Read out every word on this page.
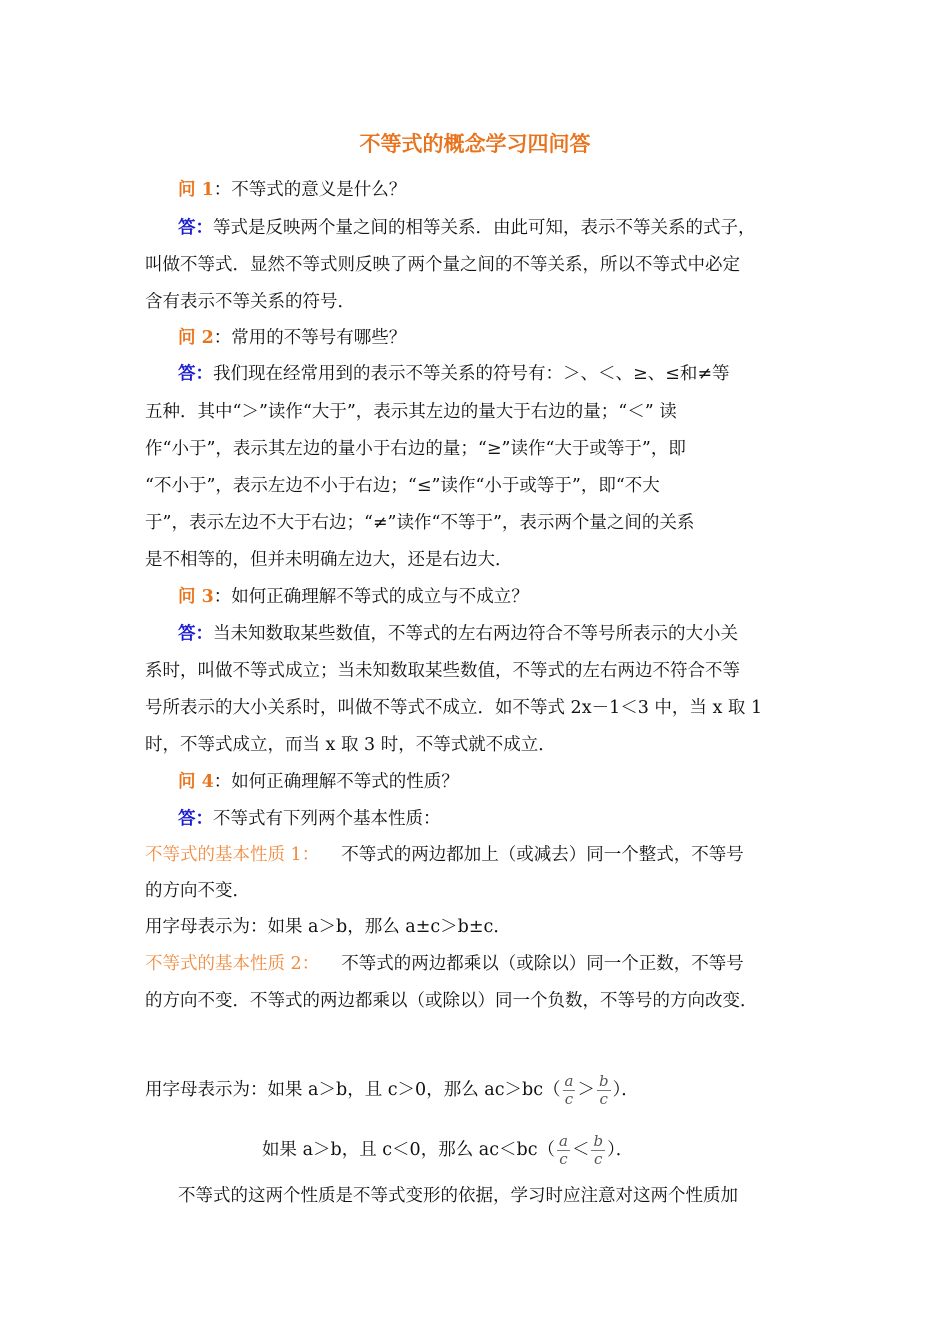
不等式的概念学习四问答
问 1：不等式的意义是什么？
答：等式是反映两个量之间的相等关系．由此可知，表示不等关系的式子，
叫做不等式．显然不等式则反映了两个量之间的不等关系，所以不等式中必定
含有表示不等关系的符号．
问 2：常用的不等号有哪些？
答：我们现在经常用到的表示不等关系的符号有：＞、＜、≥、≤和≠等
五种．其中“＞”读作“大于”，表示其左边的量大于右边的量；“＜” 读
作“小于”，表示其左边的量小于右边的量；“≥”读作“大于或等于”，即
“不小于”，表示左边不小于右边；“≤”读作“小于或等于”，即“不大
于”，表示左边不大于右边；“≠”读作“不等于”，表示两个量之间的关系
是不相等的，但并未明确左边大，还是右边大．
问 3：如何正确理解不等式的成立与不成立？
答：当未知数取某些数值，不等式的左右两边符合不等号所表示的大小关
系时，叫做不等式成立；当未知数取某些数值，不等式的左右两边不符合不等
号所表示的大小关系时，叫做不等式不成立．如不等式 2x－1＜3 中，当 x 取 1
时，不等式成立，而当 x 取 3 时，不等式就不成立．
问 4：如何正确理解不等式的性质？
答：不等式有下列两个基本性质：
不等式的基本性质 1： 不等式的两边都加上（或减去）同一个整式，不等号
的方向不变．
用字母表示为：如果 a＞b，那么 a±c＞b±c．
不等式的基本性质 2： 不等式的两边都乘以（或除以）同一个正数，不等号
的方向不变．不等式的两边都乘以（或除以）同一个负数，不等号的方向改变．
用字母表示为：如果 a＞b，且 c＞0，那么 $ac>bc( \frac{a}{c} > \frac{b}{c}$ ）．
如果 a＞b，且 c＜0，那么 $ac<bc( \frac{a}{c} < \frac{b}{c}$ ）．
不等式的这两个性质是不等式变形的依据，学习时应注意对这两个性质加
